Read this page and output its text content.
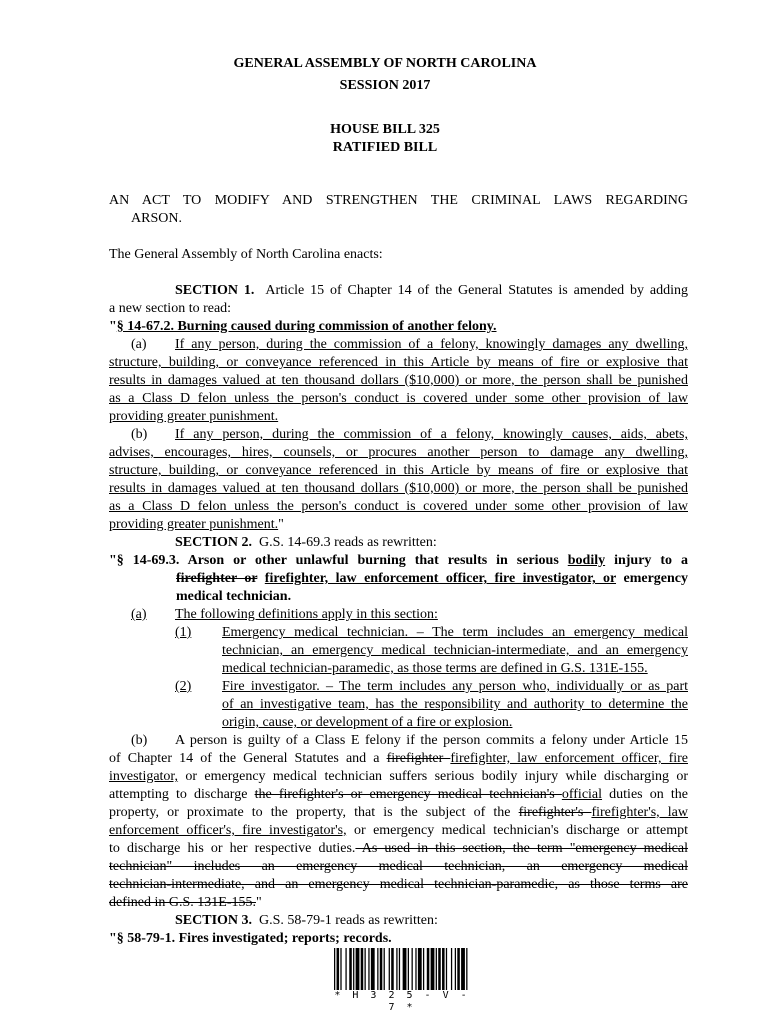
GENERAL ASSEMBLY OF NORTH CAROLINA
SESSION 2017
HOUSE BILL 325
RATIFIED BILL
AN ACT TO MODIFY AND STRENGTHEN THE CRIMINAL LAWS REGARDING
ARSON.
The General Assembly of North Carolina enacts:
SECTION 1. Article 15 of Chapter 14 of the General Statutes is amended by adding
a new section to read:
"§ 14-67.2. Burning caused during commission of another felony.
(a) If any person, during the commission of a felony, knowingly damages any dwelling,
structure, building, or conveyance referenced in this Article by means of fire or explosive that
results in damages valued at ten thousand dollars ($10,000) or more, the person shall be punished
as a Class D felon unless the person's conduct is covered under some other provision of law
providing greater punishment.
(b) If any person, during the commission of a felony, knowingly causes, aids, abets,
advises, encourages, hires, counsels, or procures another person to damage any dwelling,
structure, building, or conveyance referenced in this Article by means of fire or explosive that
results in damages valued at ten thousand dollars ($10,000) or more, the person shall be punished
as a Class D felon unless the person's conduct is covered under some other provision of law
providing greater punishment."
SECTION 2. G.S. 14-69.3 reads as rewritten:
"§ 14-69.3. Arson or other unlawful burning that results in serious bodily injury to a
firefighter or firefighter, law enforcement officer, fire investigator, or emergency
medical technician.
(a) The following definitions apply in this section:
(1) Emergency medical technician. – The term includes an emergency medical
technician, an emergency medical technician-intermediate, and an emergency
medical technician-paramedic, as those terms are defined in G.S. 131E-155.
(2) Fire investigator. – The term includes any person who, individually or as part
of an investigative team, has the responsibility and authority to determine the
origin, cause, or development of a fire or explosion.
(b) A person is guilty of a Class E felony if the person commits a felony under Article 15
of Chapter 14 of the General Statutes and a firefighter firefighter, law enforcement officer, fire
investigator, or emergency medical technician suffers serious bodily injury while discharging or
attempting to discharge the firefighter's or emergency medical technician's official duties on the
property, or proximate to the property, that is the subject of the firefighter's firefighter's, law
enforcement officer's, fire investigator's, or emergency medical technician's discharge or attempt
to discharge his or her respective duties. As used in this section, the term "emergency medical
technician" includes an emergency medical technician, an emergency medical
technician-intermediate, and an emergency medical technician-paramedic, as those terms are
defined in G.S. 131E-155."
SECTION 3. G.S. 58-79-1 reads as rewritten:
"§ 58-79-1. Fires investigated; reports; records.
* H 3 2 5 - V - 7 *
